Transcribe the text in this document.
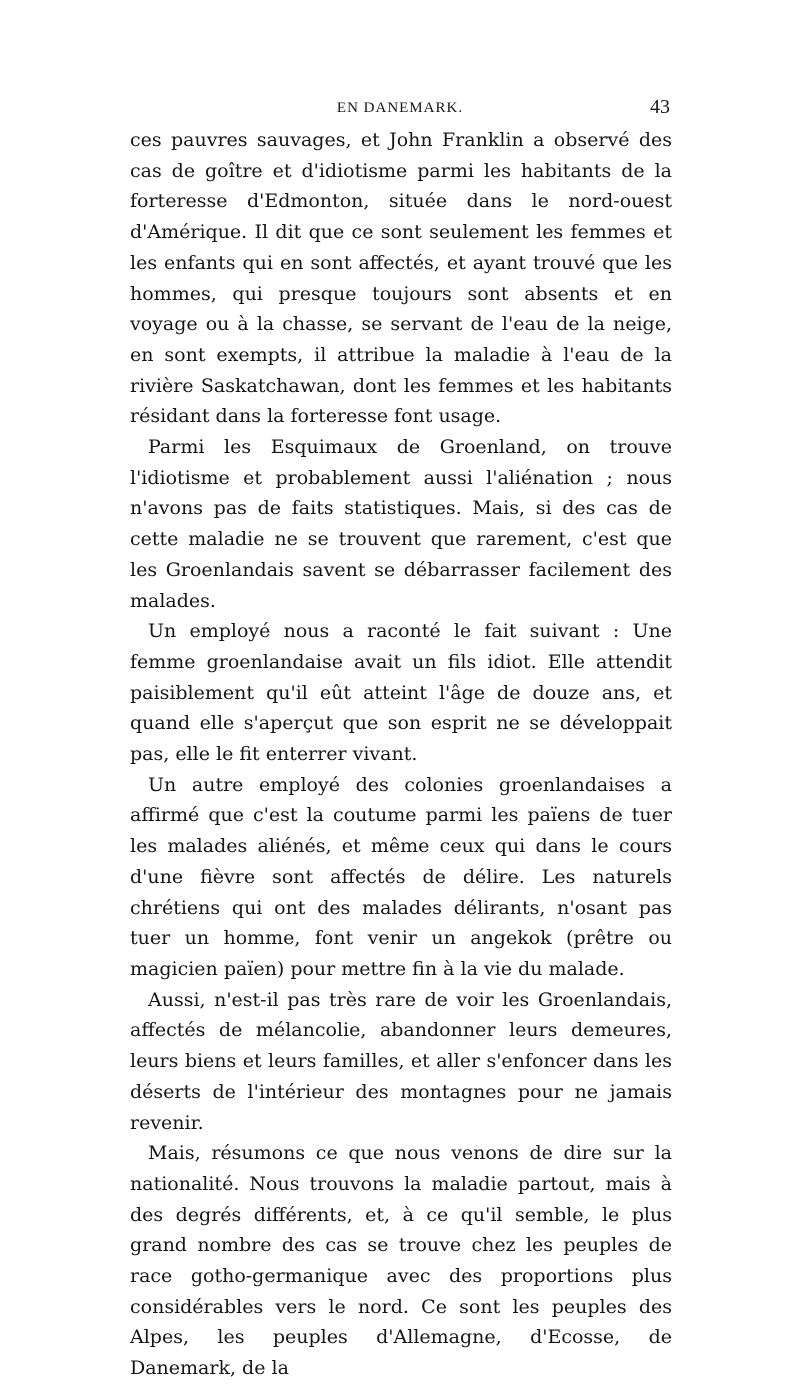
EN DANEMARK.	43

ces pauvres sauvages, et John Franklin a observé des cas de goître et d'idiotisme parmi les habitants de la forteresse d'Edmonton, située dans le nord-ouest d'Amérique. Il dit que ce sont seulement les femmes et les enfants qui en sont affectés, et ayant trouvé que les hommes, qui presque toujours sont absents et en voyage ou à la chasse, se servant de l'eau de la neige, en sont exempts, il attribue la maladie à l'eau de la rivière Saskatchawan, dont les femmes et les habitants résidant dans la forteresse font usage.

Parmi les Esquimaux de Groenland, on trouve l'idiotisme et probablement aussi l'aliénation ; nous n'avons pas de faits statistiques. Mais, si des cas de cette maladie ne se trouvent que rarement, c'est que les Groenlandais savent se débarrasser facilement des malades.

Un employé nous a raconté le fait suivant : Une femme groenlandaise avait un fils idiot. Elle attendit paisiblement qu'il eût atteint l'âge de douze ans, et quand elle s'aperçut que son esprit ne se développait pas, elle le fit enterrer vivant.

Un autre employé des colonies groenlandaises a affirmé que c'est la coutume parmi les païens de tuer les malades aliénés, et même ceux qui dans le cours d'une fièvre sont affectés de délire. Les naturels chrétiens qui ont des malades délirants, n'osant pas tuer un homme, font venir un angekok (prêtre ou magicien païen) pour mettre fin à la vie du malade.

Aussi, n'est-il pas très rare de voir les Groenlandais, affectés de mélancolie, abandonner leurs demeures, leurs biens et leurs familles, et aller s'enfoncer dans les déserts de l'intérieur des montagnes pour ne jamais revenir.

Mais, résumons ce que nous venons de dire sur la nationalité. Nous trouvons la maladie partout, mais à des degrés différents, et, à ce qu'il semble, le plus grand nombre des cas se trouve chez les peuples de race gotho-germanique avec des proportions plus considérables vers le nord. Ce sont les peuples des Alpes, les peuples d'Allemagne, d'Ecosse, de Danemark, de la
